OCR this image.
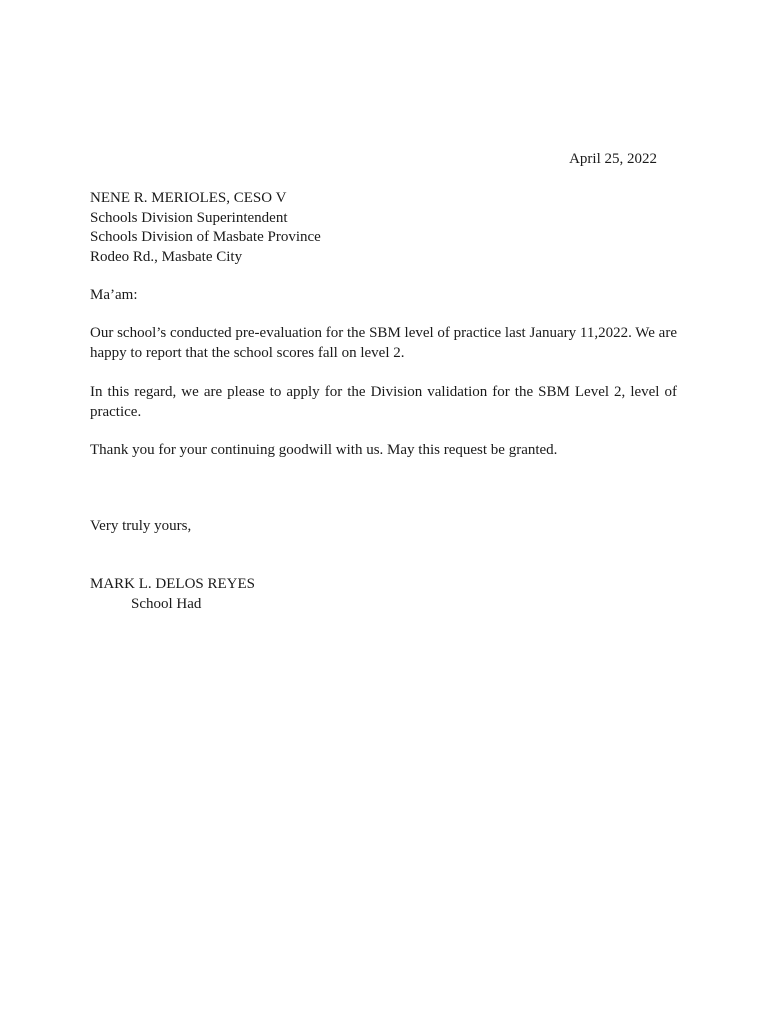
April 25, 2022
NENE R. MERIOLES, CESO V
Schools Division Superintendent
Schools Division of Masbate Province
Rodeo Rd., Masbate City
Ma’am:

Our school’s conducted pre-evaluation for the SBM level of practice last January 11,2022. We are happy to report that the school scores fall on level 2.

In this regard, we are please to apply for the Division validation for the SBM Level 2, level of practice.

Thank you for your continuing goodwill with us. May this request be granted.

Very truly yours,
MARK L. DELOS REYES
School Had
